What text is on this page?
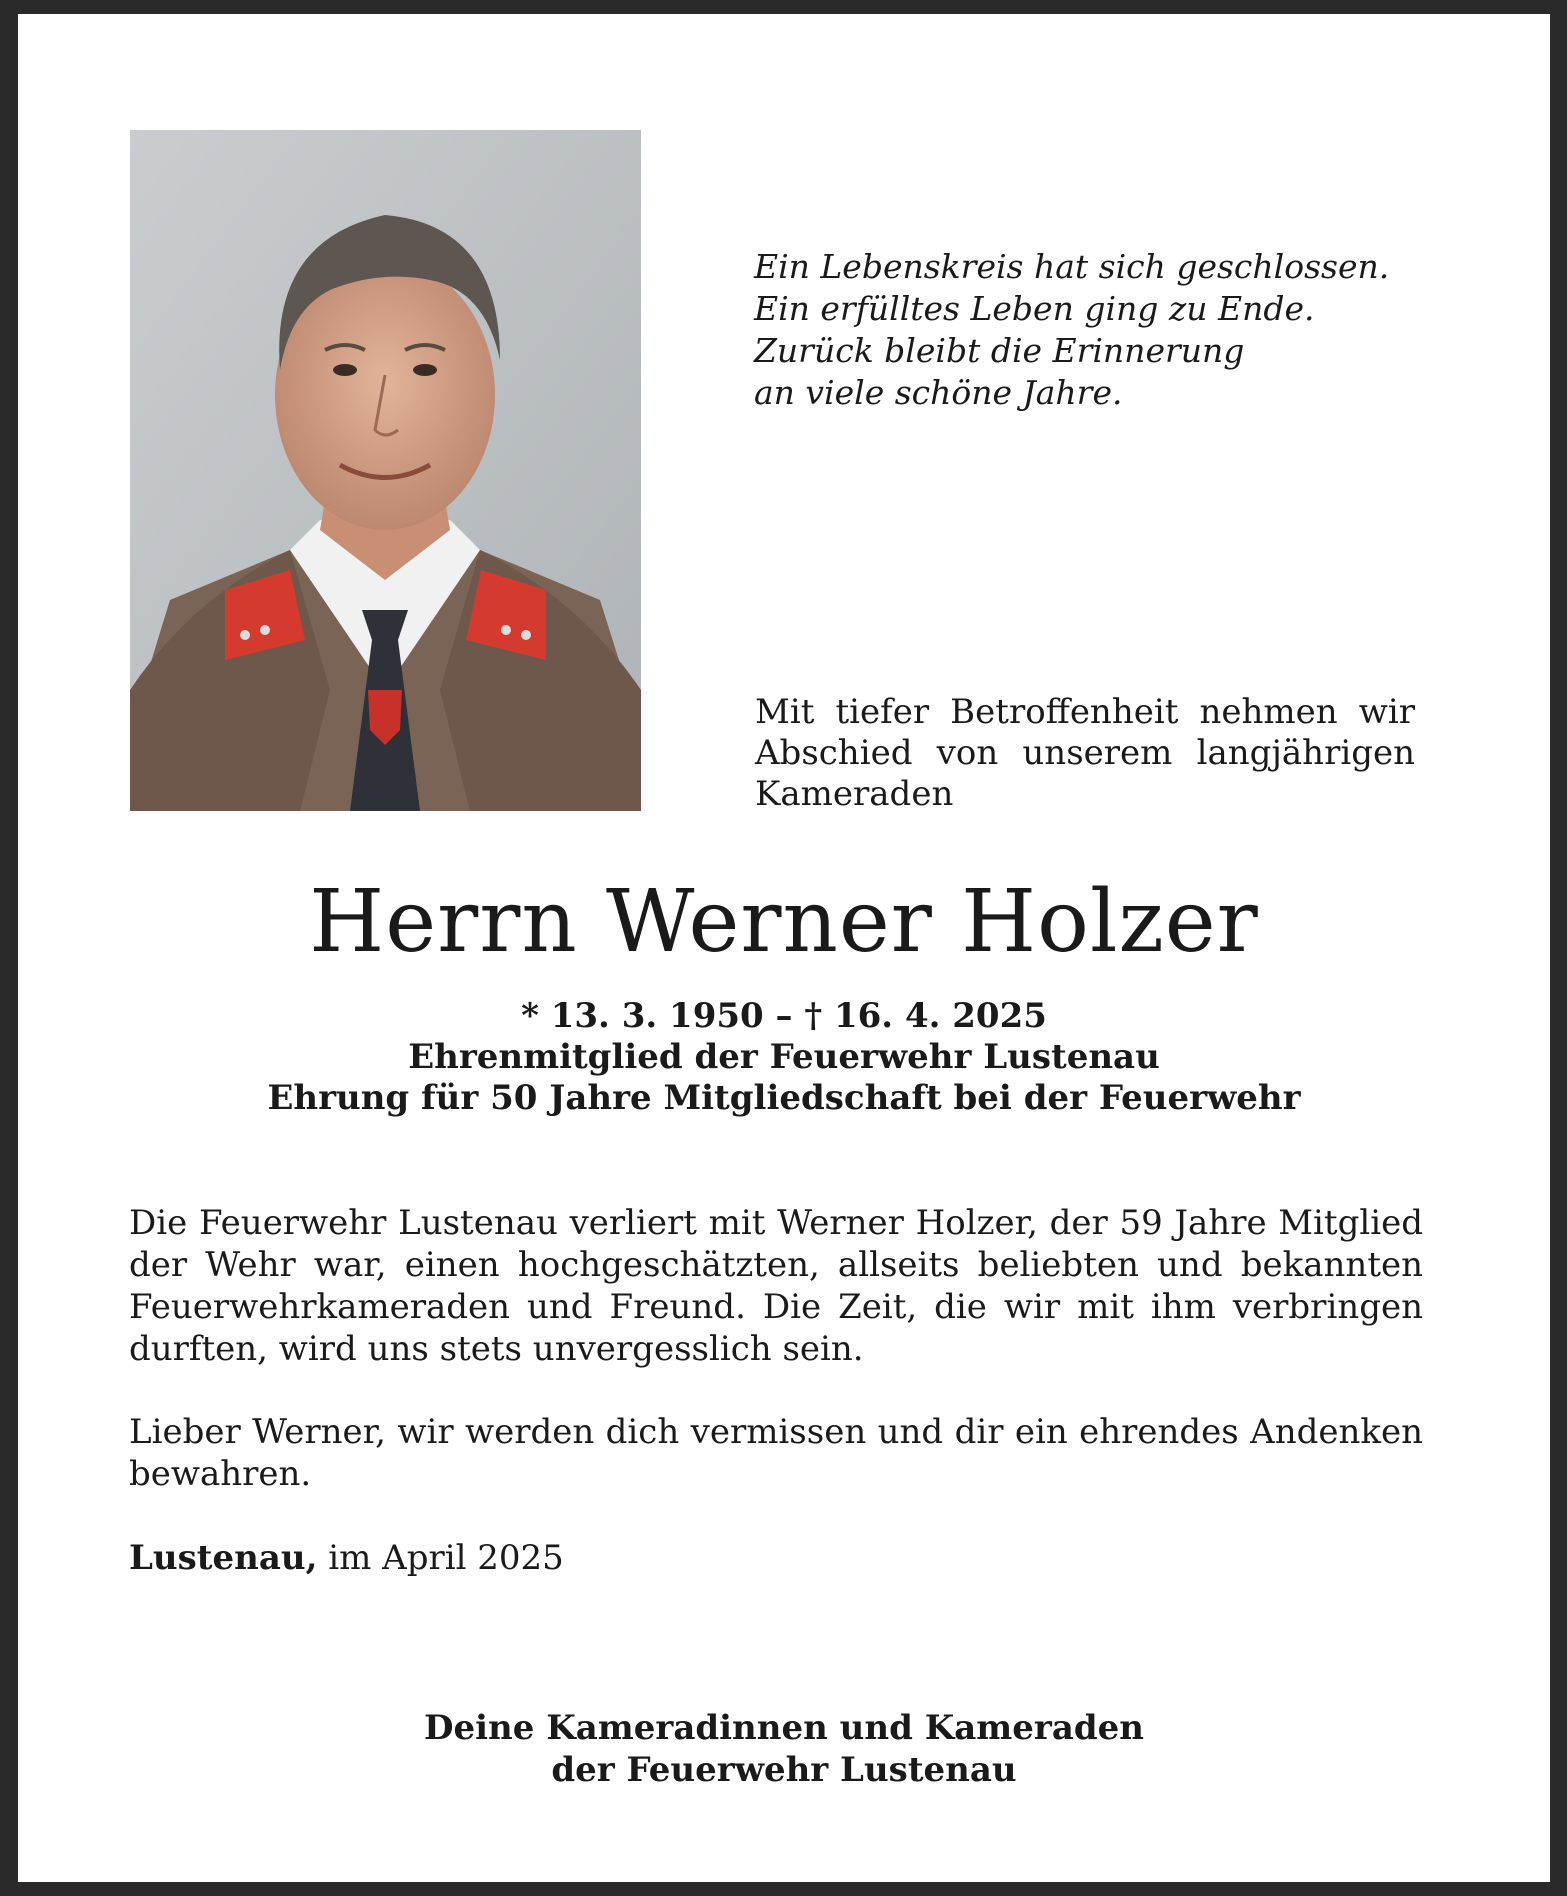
Ein Lebenskreis hat sich geschlossen.
Ein erfülltes Leben ging zu Ende.
Zurück bleibt die Erinnerung
an viele schöne Jahre.

Mit tiefer Betroffenheit nehmen wir Abschied von unserem langjährigen Kameraden

Herrn Werner Holzer

* 13. 3. 1950 – † 16. 4. 2025

Ehrenmitglied der Feuerwehr Lustenau

Ehrung für 50 Jahre Mitgliedschaft bei der Feuerwehr

Die Feuerwehr Lustenau verliert mit Werner Holzer, der 59 Jahre Mitglied der Wehr war, einen hochgeschätzten, allseits beliebten und bekannten Feuerwehrkameraden und Freund. Die Zeit, die wir mit ihm verbringen durften, wird uns stets unvergesslich sein.

Lieber Werner, wir werden dich vermissen und dir ein ehrendes Andenken bewahren.

Lustenau, im April 2025

Deine Kameradinnen und Kameraden

der Feuerwehr Lustenau
